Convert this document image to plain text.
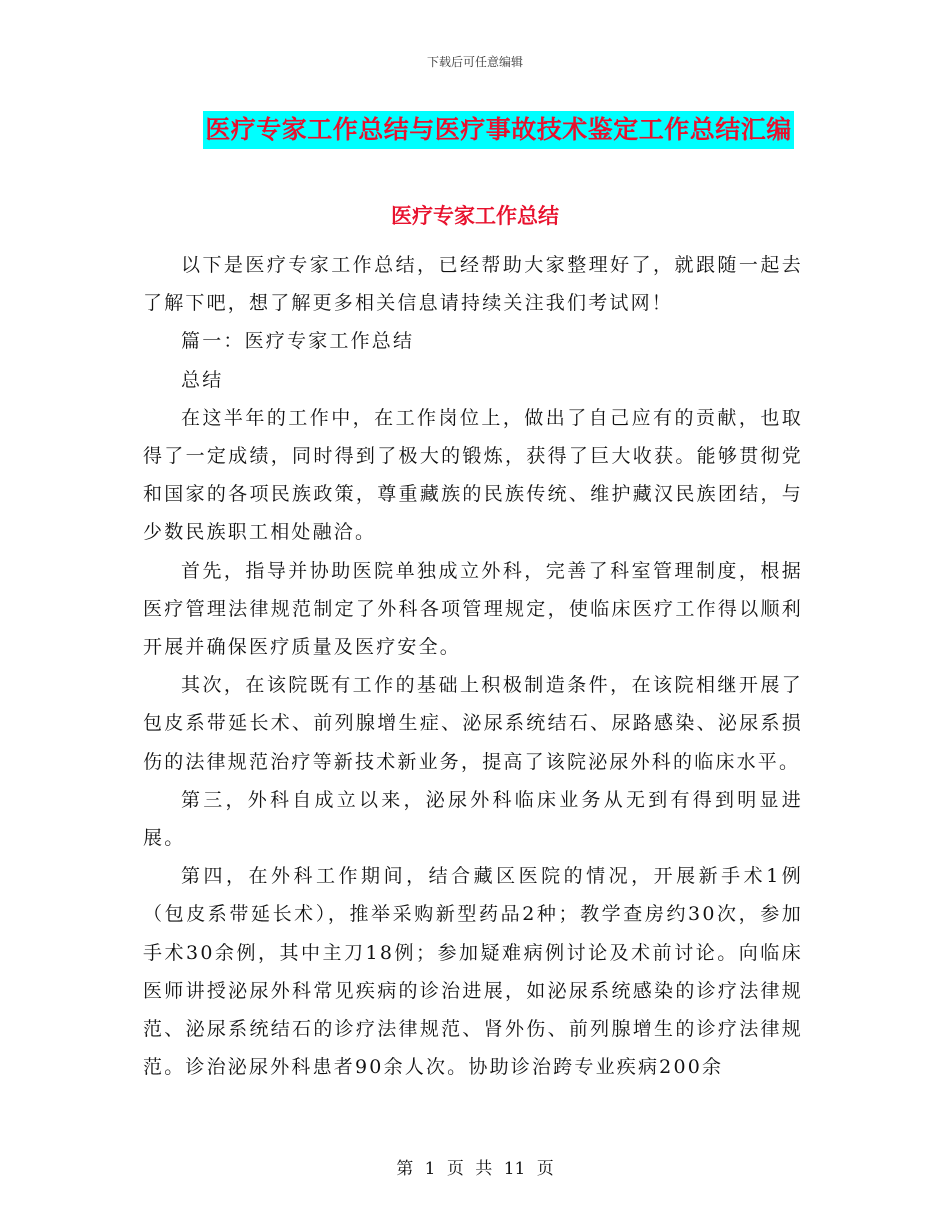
下载后可任意编辑
医疗专家工作总结与医疗事故技术鉴定工作总结汇编
医疗专家工作总结

以下是医疗专家工作总结，已经帮助大家整理好了，就跟随一起去了解下吧，想了解更多相关信息请持续关注我们考试网！

篇一：医疗专家工作总结

总结

在这半年的工作中，在工作岗位上，做出了自己应有的贡献，也取得了一定成绩，同时得到了极大的锻炼，获得了巨大收获。能够贯彻党和国家的各项民族政策，尊重藏族的民族传统、维护藏汉民族团结，与少数民族职工相处融洽。

首先，指导并协助医院单独成立外科，完善了科室管理制度，根据医疗管理法律规范制定了外科各项管理规定，使临床医疗工作得以顺利开展并确保医疗质量及医疗安全。

其次，在该院既有工作的基础上积极制造条件，在该院相继开展了包皮系带延长术、前列腺增生症、泌尿系统结石、尿路感染、泌尿系损伤的法律规范治疗等新技术新业务，提高了该院泌尿外科的临床水平。

第三，外科自成立以来，泌尿外科临床业务从无到有得到明显进展。

第四，在外科工作期间，结合藏区医院的情况，开展新手术1例（包皮系带延长术），推举采购新型药品2种；教学查房约30次，参加手术30余例，其中主刀18例；参加疑难病例讨论及术前讨论。向临床医师讲授泌尿外科常见疾病的诊治进展，如泌尿系统感染的诊疗法律规范、泌尿系统结石的诊疗法律规范、肾外伤、前列腺增生的诊疗法律规范。诊治泌尿外科患者90余人次。协助诊治跨专业疾病200余

第 1 页 共 11 页
